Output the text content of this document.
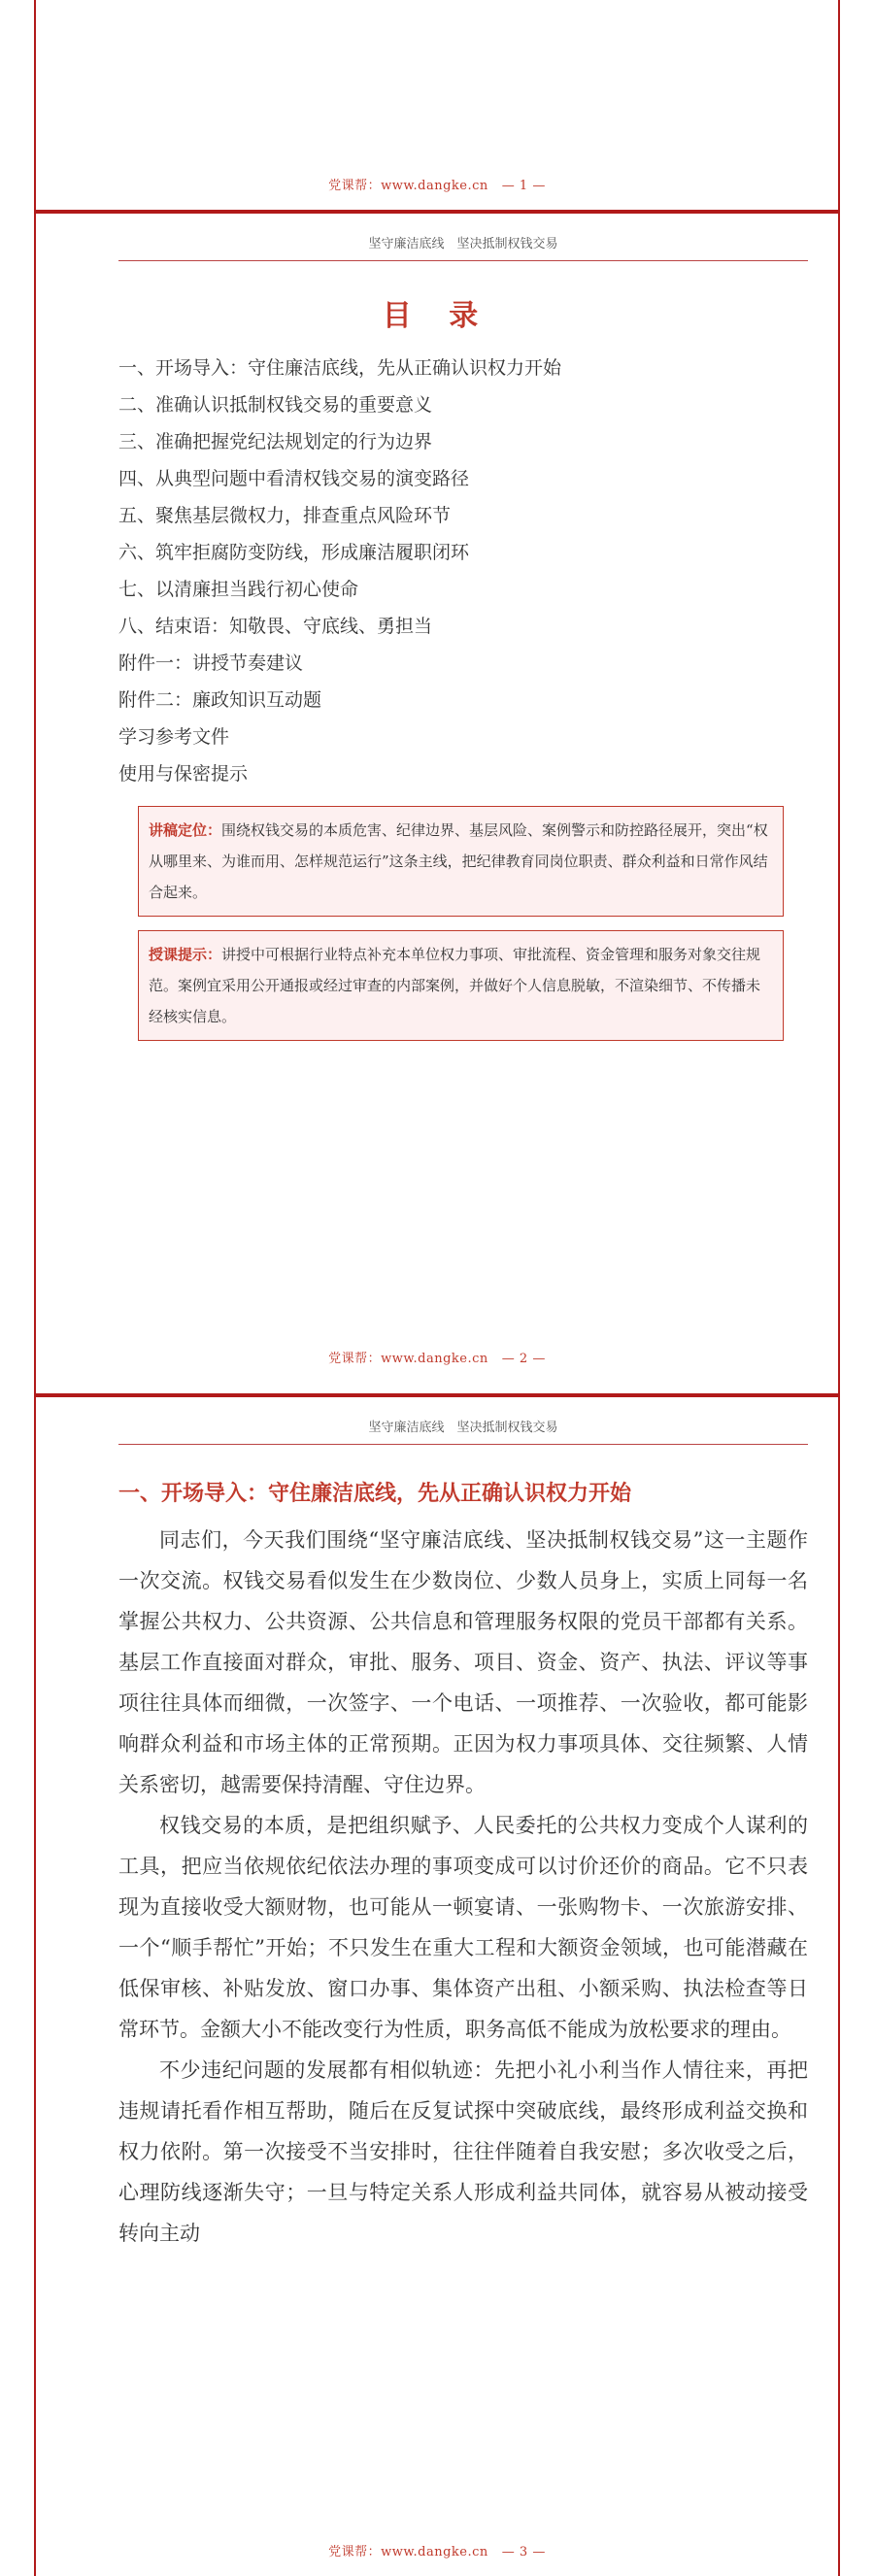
党课帮：www.dangke.cn — 1 —
坚守廉洁底线　坚决抵制权钱交易
目 录
一、开场导入：守住廉洁底线，先从正确认识权力开始
二、准确认识抵制权钱交易的重要意义
三、准确把握党纪法规划定的行为边界
四、从典型问题中看清权钱交易的演变路径
五、聚焦基层微权力，排查重点风险环节
六、筑牢拒腐防变防线，形成廉洁履职闭环
七、以清廉担当践行初心使命
八、结束语：知敬畏、守底线、勇担当
附件一：讲授节奏建议
附件二：廉政知识互动题
学习参考文件
使用与保密提示
讲稿定位：围绕权钱交易的本质危害、纪律边界、基层风险、案例警示和防控路径展开，突出“权从哪里来、为谁而用、怎样规范运行”这条主线，把纪律教育同岗位职责、群众利益和日常作风结合起来。
授课提示：讲授中可根据行业特点补充本单位权力事项、审批流程、资金管理和服务对象交往规范。案例宜采用公开通报或经过审查的内部案例，并做好个人信息脱敏，不渲染细节、不传播未经核实信息。
党课帮：www.dangke.cn — 2 —
坚守廉洁底线　坚决抵制权钱交易
一、开场导入：守住廉洁底线，先从正确认识权力开始

同志们，今天我们围绕“坚守廉洁底线、坚决抵制权钱交易”这一主题作一次交流。权钱交易看似发生在少数岗位、少数人员身上，实质上同每一名掌握公共权力、公共资源、公共信息和管理服务权限的党员干部都有关系。基层工作直接面对群众，审批、服务、项目、资金、资产、执法、评议等事项往往具体而细微，一次签字、一个电话、一项推荐、一次验收，都可能影响群众利益和市场主体的正常预期。正因为权力事项具体、交往频繁、人情关系密切，越需要保持清醒、守住边界。

权钱交易的本质，是把组织赋予、人民委托的公共权力变成个人谋利的工具，把应当依规依纪依法办理的事项变成可以讨价还价的商品。它不只表现为直接收受大额财物，也可能从一顿宴请、一张购物卡、一次旅游安排、一个“顺手帮忙”开始；不只发生在重大工程和大额资金领域，也可能潜藏在低保审核、补贴发放、窗口办事、集体资产出租、小额采购、执法检查等日常环节。金额大小不能改变行为性质，职务高低不能成为放松要求的理由。

不少违纪问题的发展都有相似轨迹：先把小礼小利当作人情往来，再把违规请托看作相互帮助，随后在反复试探中突破底线，最终形成利益交换和权力依附。第一次接受不当安排时，往往伴随着自我安慰；多次收受之后，心理防线逐渐失守；一旦与特定关系人形成利益共同体，就容易从被动接受转向主动

党课帮：www.dangke.cn — 3 —
